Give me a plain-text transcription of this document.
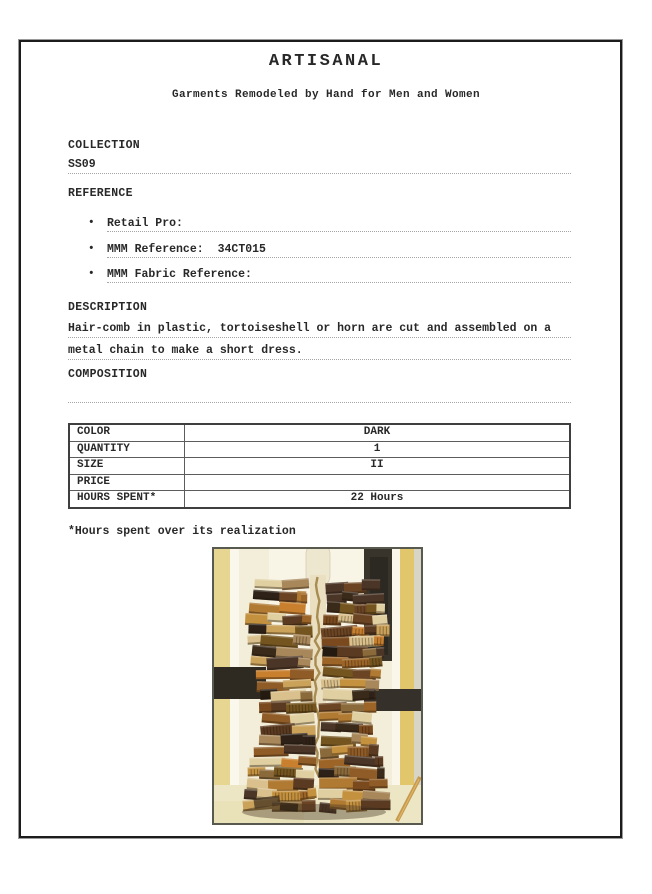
ARTISANAL
Garments Remodeled by Hand for Men and Women
COLLECTION
SS09
REFERENCE
•	Retail Pro:
•	MMM Reference: 34CT015
•	MMM Fabric Reference:
DESCRIPTION
Hair-comb in plastic, tortoiseshell or horn are cut and assembled on a
metal chain to make a short dress.
COMPOSITION
COLOR	DARK
QUANTITY	1
SIZE	II
PRICE
HOURS SPENT*	22 Hours
*Hours spent over its realization
